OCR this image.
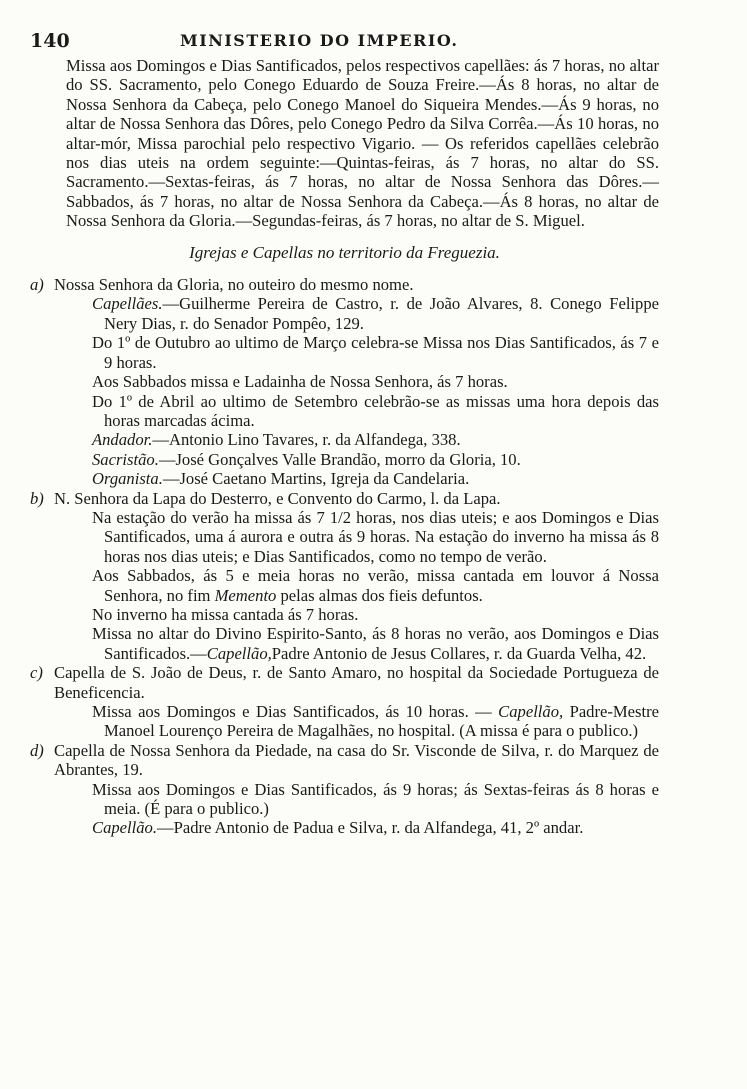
140	MINISTERIO DO IMPERIO.

Missa aos Domingos e Dias Santificados, pelos respectivos capellães: ás 7 horas, no altar do SS. Sacramento, pelo Conego Eduardo de Souza Freire.—Ás 8 horas, no altar de Nossa Senhora da Cabeça, pelo Conego Manoel do Siqueira Mendes.—Ás 9 horas, no altar de Nossa Senhora das Dôres, pelo Conego Pedro da Silva Corrêa.—Ás 10 horas, no altar-mór, Missa parochial pelo respectivo Vigario. — Os referidos capellães celebrão nos dias uteis na ordem seguinte:—Quintas-feiras, ás 7 horas, no altar do SS. Sacramento.—Sextas-feiras, ás 7 horas, no altar de Nossa Senhora das Dôres.—Sabbados, ás 7 horas, no altar de Nossa Senhora da Cabeça.—Ás 8 horas, no altar de Nossa Senhora da Gloria.—Segundas-feiras, ás 7 horas, no altar de S. Miguel.

Igrejas e Capellas no territorio da Freguezia.
a) Nossa Senhora da Gloria, no outeiro do mesmo nome.

Capellães.—Guilherme Pereira de Castro, r. de João Alvares, 8. Conego Felippe Nery Dias, r. do Senador Pompêo, 129.

Do 1º de Outubro ao ultimo de Março celebra-se Missa nos Dias Santificados, ás 7 e 9 horas.

Aos Sabbados missa e Ladainha de Nossa Senhora, ás 7 horas.

Do 1º de Abril ao ultimo de Setembro celebrão-se as missas uma hora depois das horas marcadas ácima.

Andador.—Antonio Lino Tavares, r. da Alfandega, 338.

Sacristão.—José Gonçalves Valle Brandão, morro da Gloria, 10.

Organista.—José Caetano Martins, Igreja da Candelaria.

b) N. Senhora da Lapa do Desterro, e Convento do Carmo, l. da Lapa.

Na estação do verão ha missa ás 7 1/2 horas, nos dias uteis; e aos Domingos e Dias Santificados, uma á aurora e outra ás 9 horas. Na estação do inverno ha missa ás 8 horas nos dias uteis; e Dias Santificados, como no tempo de verão.

Aos Sabbados, ás 5 e meia horas no verão, missa cantada em louvor á Nossa Senhora, no fim Memento pelas almas dos fieis defuntos.

No inverno ha missa cantada ás 7 horas.

Missa no altar do Divino Espirito-Santo, ás 8 horas no verão, aos Domingos e Dias Santificados.—Capellão,Padre Antonio de Jesus Collares, r. da Guarda Velha, 42.

c) Capella de S. João de Deus, r. de Santo Amaro, no hospital da Sociedade Portugueza de Beneficencia.

Missa aos Domingos e Dias Santificados, ás 10 horas. — Capellão, Padre-Mestre Manoel Lourenço Pereira de Magalhães, no hospital. (A missa é para o publico.)

d) Capella de Nossa Senhora da Piedade, na casa do Sr. Visconde de Silva, r. do Marquez de Abrantes, 19.

Missa aos Domingos e Dias Santificados, ás 9 horas; ás Sextas-feiras ás 8 horas e meia. (É para o publico.)

Capellão.—Padre Antonio de Padua e Silva, r. da Alfandega, 41, 2º andar.
